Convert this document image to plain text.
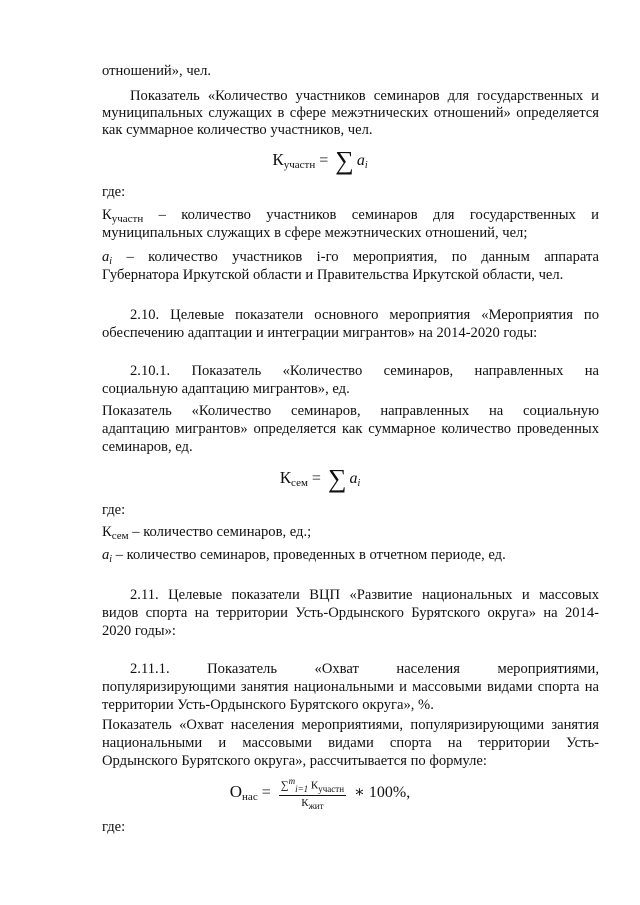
отношений», чел.
Показатель «Количество участников семинаров для государственных и
муниципальных служащих в сфере межэтнических отношений» определяется
как суммарное количество участников, чел.
$К_{участн}$ = ∑ ai
где:
$К_{участн}$ – количество участников семинаров для государственных и
муниципальных служащих в сфере межэтнических отношений, чел;
$a_i$ – количество участников i-го мероприятия, по данным аппарата
Губернатора Иркутской области и Правительства Иркутской области, чел.
2.10. Целевые показатели основного мероприятия «Мероприятия по
обеспечению адаптации и интеграции мигрантов» на 2014-2020 годы:
2.10.1. Показатель «Количество семинаров, направленных на
социальную адаптацию мигрантов», ед.
Показатель «Количество семинаров, направленных на социальную
адаптацию мигрантов» определяется как суммарное количество проведенных
семинаров, ед.
$К_{сем}$ = ∑ ai
где:
$К_{сем}$ – количество семинаров, ед.;
$a_i$ – количество семинаров, проведенных в отчетном периоде, ед.
2.11. Целевые показатели ВЦП «Развитие национальных и массовых
видов спорта на территории Усть-Ордынского Бурятского округа» на 2014-
2020 годы»:
2.11.1. Показатель «Охват населения мероприятиями,
популяризирующими занятия национальными и массовыми видами спорта на
территории Усть-Ордынского Бурятского округа», %.
Показатель «Охват населения мероприятиями, популяризирующими занятия
национальными и массовыми видами спорта на территории Усть-
Ордынского Бурятского округа», рассчитывается по формуле:
$О_{нас} = \frac{\sum^m_{i=1} К_{участн}}{К_{жит}}$ ∗ 100%,
где:
